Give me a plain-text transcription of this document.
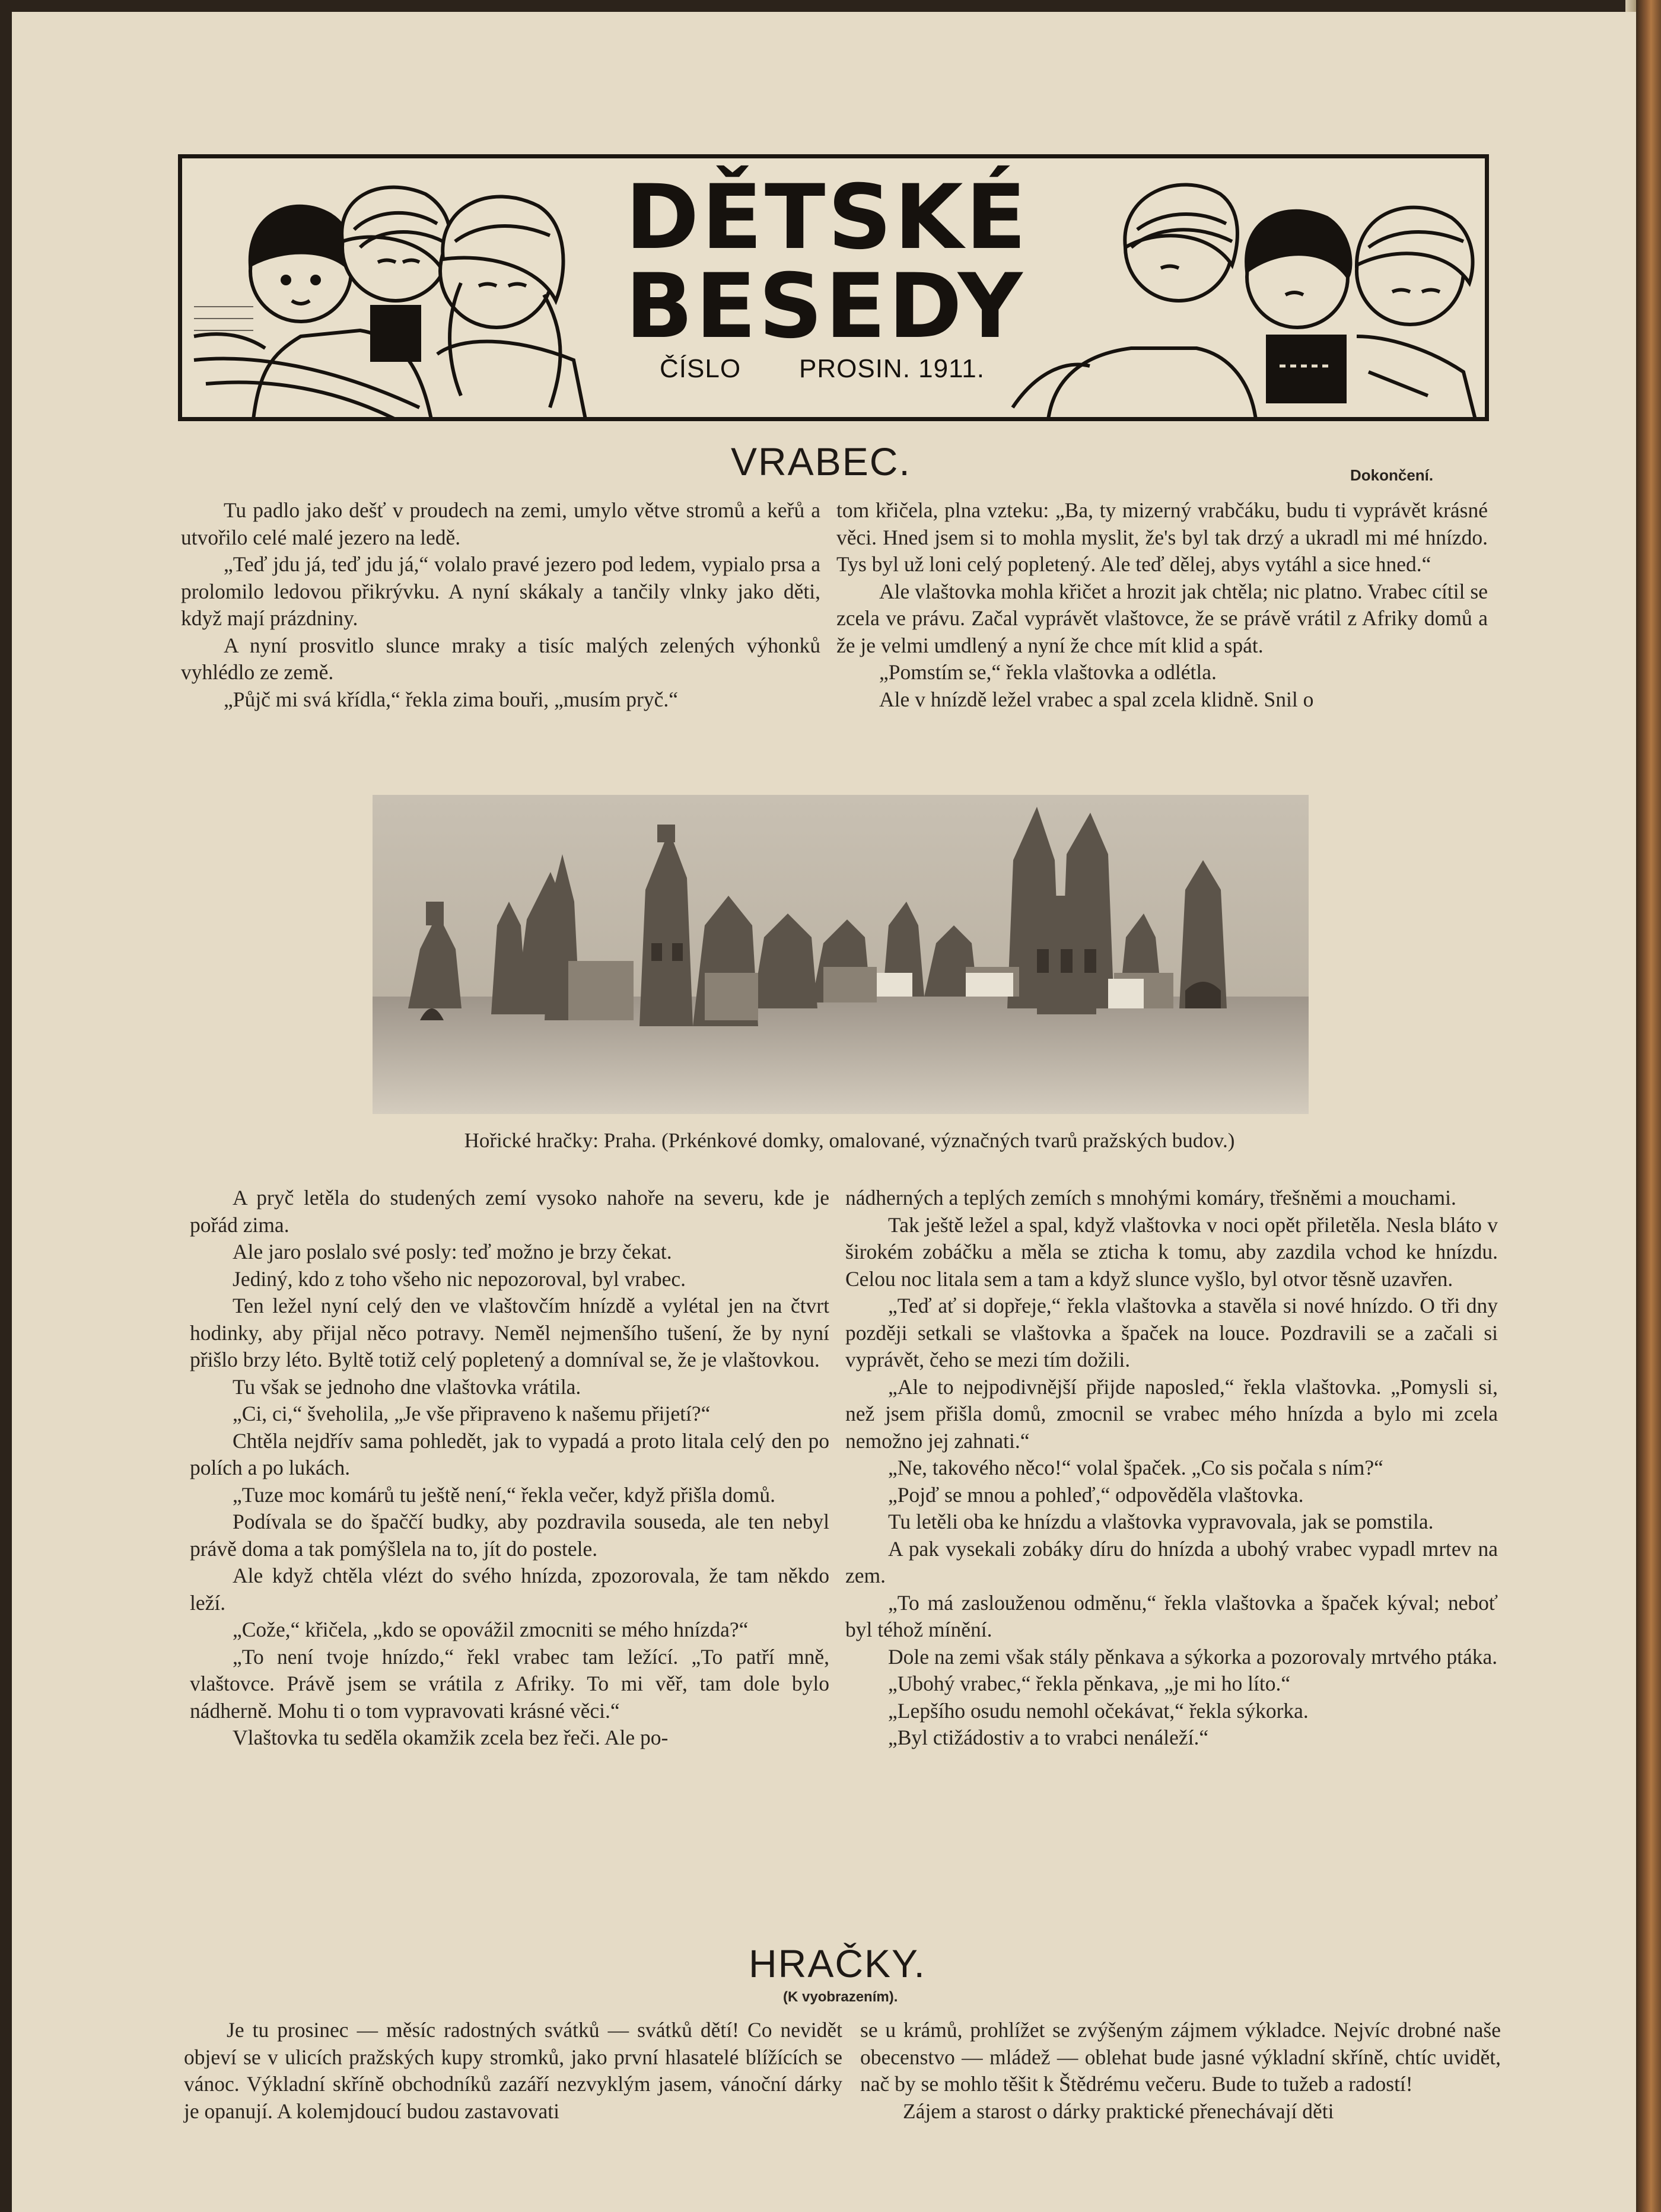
DĚTSKÉ
BESEDY
ČÍSLO PROSIN. 1911.
VRABEC.	Dokončení.

Tu padlo jako dešť v proudech na zemi, umylo větve stromů a keřů a utvořilo celé malé jezero na ledě.

„Teď jdu já, teď jdu já,“ volalo pravé jezero pod ledem, vypialo prsa a prolomilo ledovou přikrývku. A nyní skákaly a tančily vlnky jako děti, když mají prázdniny.

A nyní prosvitlo slunce mraky a tisíc malých zelených výhonků vyhlédlo ze země.

„Půjč mi svá křídla,“ řekla zima bouři, „musím pryč.“

tom křičela, plna vzteku: „Ba, ty mizerný vrabčáku, budu ti vyprávět krásné věci. Hned jsem si to mohla myslit, že's byl tak drzý a ukradl mi mé hnízdo. Tys byl už loni celý popletený. Ale teď dělej, abys vytáhl a sice hned.“

Ale vlaštovka mohla křičet a hrozit jak chtěla; nic platno. Vrabec cítil se zcela ve právu. Začal vyprávět vlaštovce, že se právě vrátil z Afriky domů a že je velmi umdlený a nyní že chce mít klid a spát.

„Pomstím se,“ řekla vlaštovka a odlétla.

Ale v hnízdě ležel vrabec a spal zcela klidně. Snil o

Hořické hračky: Praha. (Prkénkové domky, omalované, význačných tvarů pražských budov.)

A pryč letěla do studených zemí vysoko nahoře na severu, kde je pořád zima.

Ale jaro poslalo své posly: teď možno je brzy čekat.

Jediný, kdo z toho všeho nic nepozoroval, byl vrabec.

Ten ležel nyní celý den ve vlaštovčím hnízdě a vylétal jen na čtvrt hodinky, aby přijal něco potravy. Neměl nejmenšího tušení, že by nyní přišlo brzy léto. Byltě totiž celý popletený a domníval se, že je vlaštovkou.

Tu však se jednoho dne vlaštovka vrátila.

„Ci, ci,“ šveholila, „Je vše připraveno k našemu přijetí?“

Chtěla nejdřív sama pohledět, jak to vypadá a proto litala celý den po polích a po lukách.

„Tuze moc komárů tu ještě není,“ řekla večer, když přišla domů.

Podívala se do špaččí budky, aby pozdravila souseda, ale ten nebyl právě doma a tak pomýšlela na to, jít do postele.

Ale když chtěla vlézt do svého hnízda, zpozorovala, že tam někdo leží.

„Cože,“ křičela, „kdo se opovážil zmocniti se mého hnízda?“

„To není tvoje hnízdo,“ řekl vrabec tam ležící. „To patří mně, vlaštovce. Právě jsem se vrátila z Afriky. To mi věř, tam dole bylo nádherně. Mohu ti o tom vypravovati krásné věci.“

Vlaštovka tu seděla okamžik zcela bez řeči. Ale po-

nádherných a teplých zemích s mnohými komáry, třešněmi a mouchami.

Tak ještě ležel a spal, když vlaštovka v noci opět přiletěla. Nesla bláto v širokém zobáčku a měla se zticha k tomu, aby zazdila vchod ke hnízdu. Celou noc litala sem a tam a když slunce vyšlo, byl otvor těsně uzavřen.

„Teď ať si dopřeje,“ řekla vlaštovka a stavěla si nové hnízdo. O tři dny později setkali se vlaštovka a špaček na louce. Pozdravili se a začali si vyprávět, čeho se mezi tím dožili.

„Ale to nejpodivnější přijde naposled,“ řekla vlaštovka. „Pomysli si, než jsem přišla domů, zmocnil se vrabec mého hnízda a bylo mi zcela nemožno jej zahnati.“

„Ne, takového něco!“ volal špaček. „Co sis počala s ním?“

„Pojď se mnou a pohleď,“ odpověděla vlaštovka.

Tu letěli oba ke hnízdu a vlaštovka vypravovala, jak se pomstila.

A pak vysekali zobáky díru do hnízda a ubohý vrabec vypadl mrtev na zem.

„To má zaslouženou odměnu,“ řekla vlaštovka a špaček kýval; neboť byl téhož mínění.

Dole na zemi však stály pěnkava a sýkorka a pozorovaly mrtvého ptáka.

„Ubohý vrabec,“ řekla pěnkava, „je mi ho líto.“

„Lepšího osudu nemohl očekávat,“ řekla sýkorka.

„Byl ctižádostiv a to vrabci nenáleží.“

HRAČKY.
(K vyobrazením).

Je tu prosinec — měsíc radostných svátků — svátků dětí! Co nevidět objeví se v ulicích pražských kupy stromků, jako první hlasatelé blížících se vánoc. Výkladní skříně obchodníků zazáří nezvyklým jasem, vánoční dárky je opanují. A kolemjdoucí budou zastavovati

se u krámů, prohlížet se zvýšeným zájmem výkladce. Nejvíc drobné naše obecenstvo — mládež — oblehat bude jasné výkladní skříně, chtíc uvidět, nač by se mohlo těšit k Štědrému večeru. Bude to tužeb a radostí!

Zájem a starost o dárky praktické přenechávají děti
